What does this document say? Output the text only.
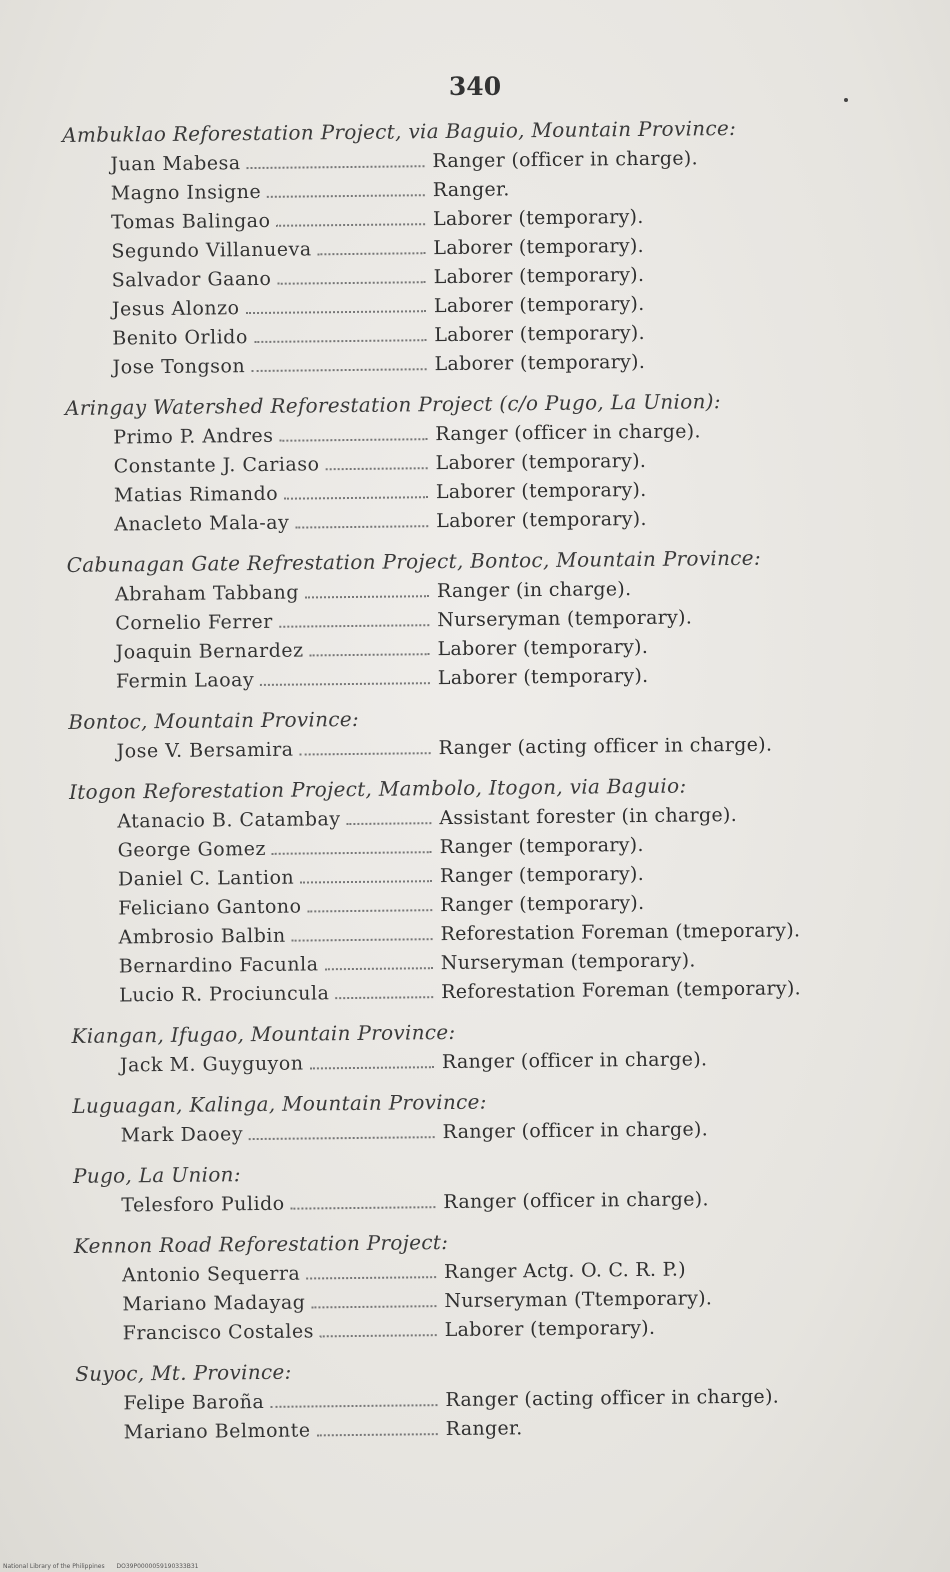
340
Ambuklao Reforestation Project, via Baguio, Mountain Province:
Juan Mabesa	Ranger (officer in charge).
Magno Insigne	Ranger.
Tomas Balingao	Laborer (temporary).
Segundo Villanueva	Laborer (temporary).
Salvador Gaano	Laborer (temporary).
Jesus Alonzo	Laborer (temporary).
Benito Orlido	Laborer (temporary).
Jose Tongson	Laborer (temporary).
Aringay Watershed Reforestation Project (c/o Pugo, La Union):
Primo P. Andres	Ranger (officer in charge).
Constante J. Cariaso	Laborer (temporary).
Matias Rimando	Laborer (temporary).
Anacleto Mala-ay	Laborer (temporary).
Cabunagan Gate Refrestation Project, Bontoc, Mountain Province:
Abraham Tabbang	Ranger (in charge).
Cornelio Ferrer	Nurseryman (temporary).
Joaquin Bernardez	Laborer (temporary).
Fermin Laoay	Laborer (temporary).
Bontoc, Mountain Province:
Jose V. Bersamira	Ranger (acting officer in charge).
Itogon Reforestation Project, Mambolo, Itogon, via Baguio:
Atanacio B. Catambay	Assistant forester (in charge).
George Gomez	Ranger (temporary).
Daniel C. Lantion	Ranger (temporary).
Feliciano Gantono	Ranger (temporary).
Ambrosio Balbin	Reforestation Foreman (tmeporary).
Bernardino Facunla	Nurseryman (temporary).
Lucio R. Prociuncula	Reforestation Foreman (temporary).
Kiangan, Ifugao, Mountain Province:
Jack M. Guyguyon	Ranger (officer in charge).
Luguagan, Kalinga, Mountain Province:
Mark Daoey	Ranger (officer in charge).
Pugo, La Union:
Telesforo Pulido	Ranger (officer in charge).
Kennon Road Reforestation Project:
Antonio Sequerra	Ranger Actg. O. C. R. P.)
Mariano Madayag	Nurseryman (Ttemporary).
Francisco Costales	Laborer (temporary).
Suyoc, Mt. Province:
Felipe Baroña	Ranger (acting officer in charge).
Mariano Belmonte	Ranger.
National Library of the Philippines DO39P0000059190333B31
